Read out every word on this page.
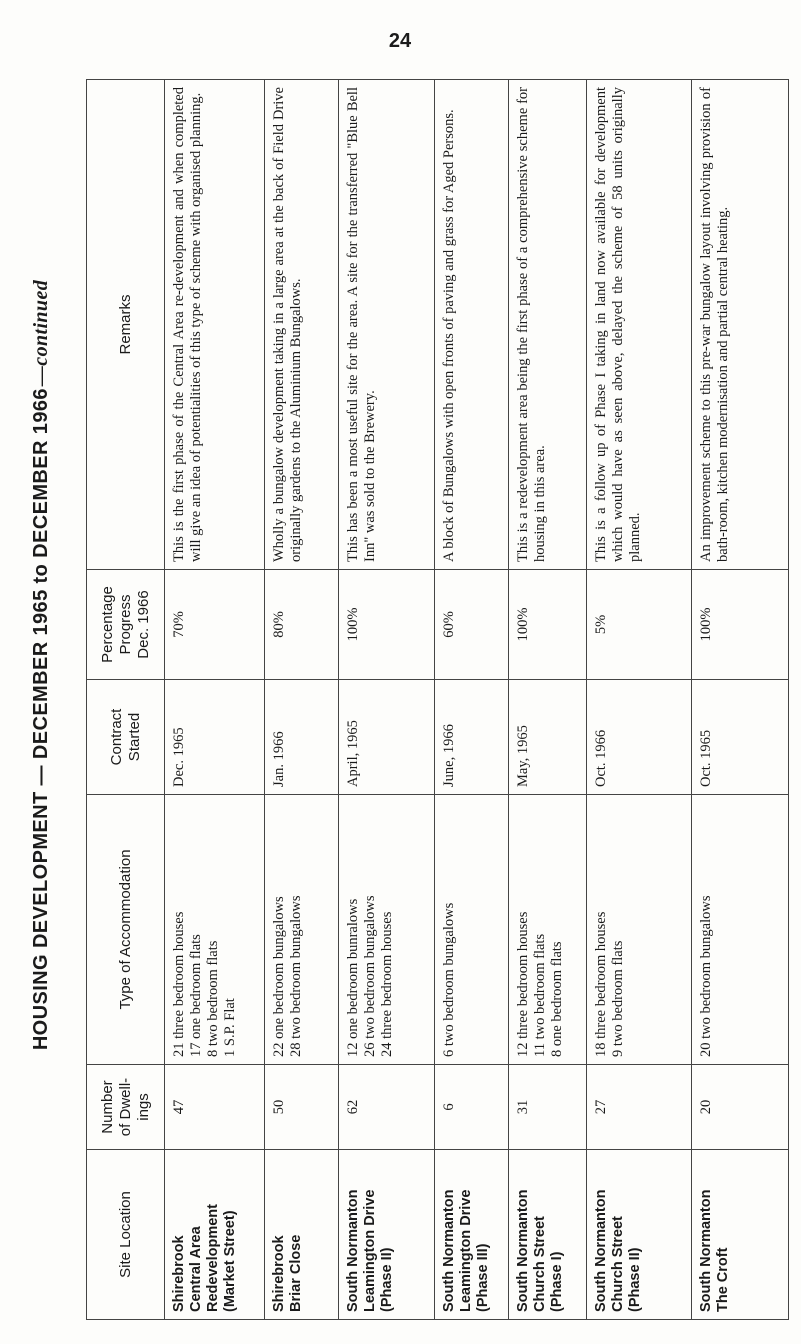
24
HOUSING DEVELOPMENT — DECEMBER 1965 to DECEMBER 1966
—continued
Site Location	Number of Dwell-ings	Type of Accommodation	Contract Started	Percentage Progress Dec. 1966	Remarks

Shirebrook Central Area Redevelopment (Market Street)	47	21 three bedroom houses 17 one bedroom flats 8 two bedroom flats 1 S.P. Flat	Dec. 1965	70%	This is the first phase of the Central Area re-development and when completed will give an idea of potentialities of this type of scheme with organised planning.

Shirebrook Briar Close	50	22 one bedroom bungalows 28 two bedroom bungalows	Jan. 1966	80%	Wholly a bungalow development taking in a large area at the back of Field Drive originally gardens to the Aluminium Bungalows.

South Normanton Leamington Drive (Phase II)	62	12 one bedroom bunralows 26 two bedroom bungalows 24 three bedroom houses	April, 1965	100%	This has been a most useful site for the area. A site for the transferred "Blue Bell Inn" was sold to the Brewery.

South Normanton Leamington Drive (Phase III)	6	6 two bedroom bungalows	June, 1966	60%	A block of Bungalows with open fronts of paving and grass for Aged Persons.

South Normanton Church Street (Phase I)	31	12 three bedroom houses 11 two bedroom flats 8 one bedroom flats	May, 1965	100%	This is a redevelopment area being the first phase of a comprehensive scheme for housing in this area.

South Normanton Church Street (Phase II)	27	18 three bedroom houses 9 two bedroom flats	Oct. 1966	5%	This is a follow up of Phase I taking in land now available for development which would have as seen above, delayed the scheme of 58 units originally planned.

South Normanton The Croft	20	20 two bedroom bungalows	Oct. 1965	100%	An improvement scheme to this pre-war bungalow layout involving provision of bath-room, kitchen modernisation and partial central heating.
